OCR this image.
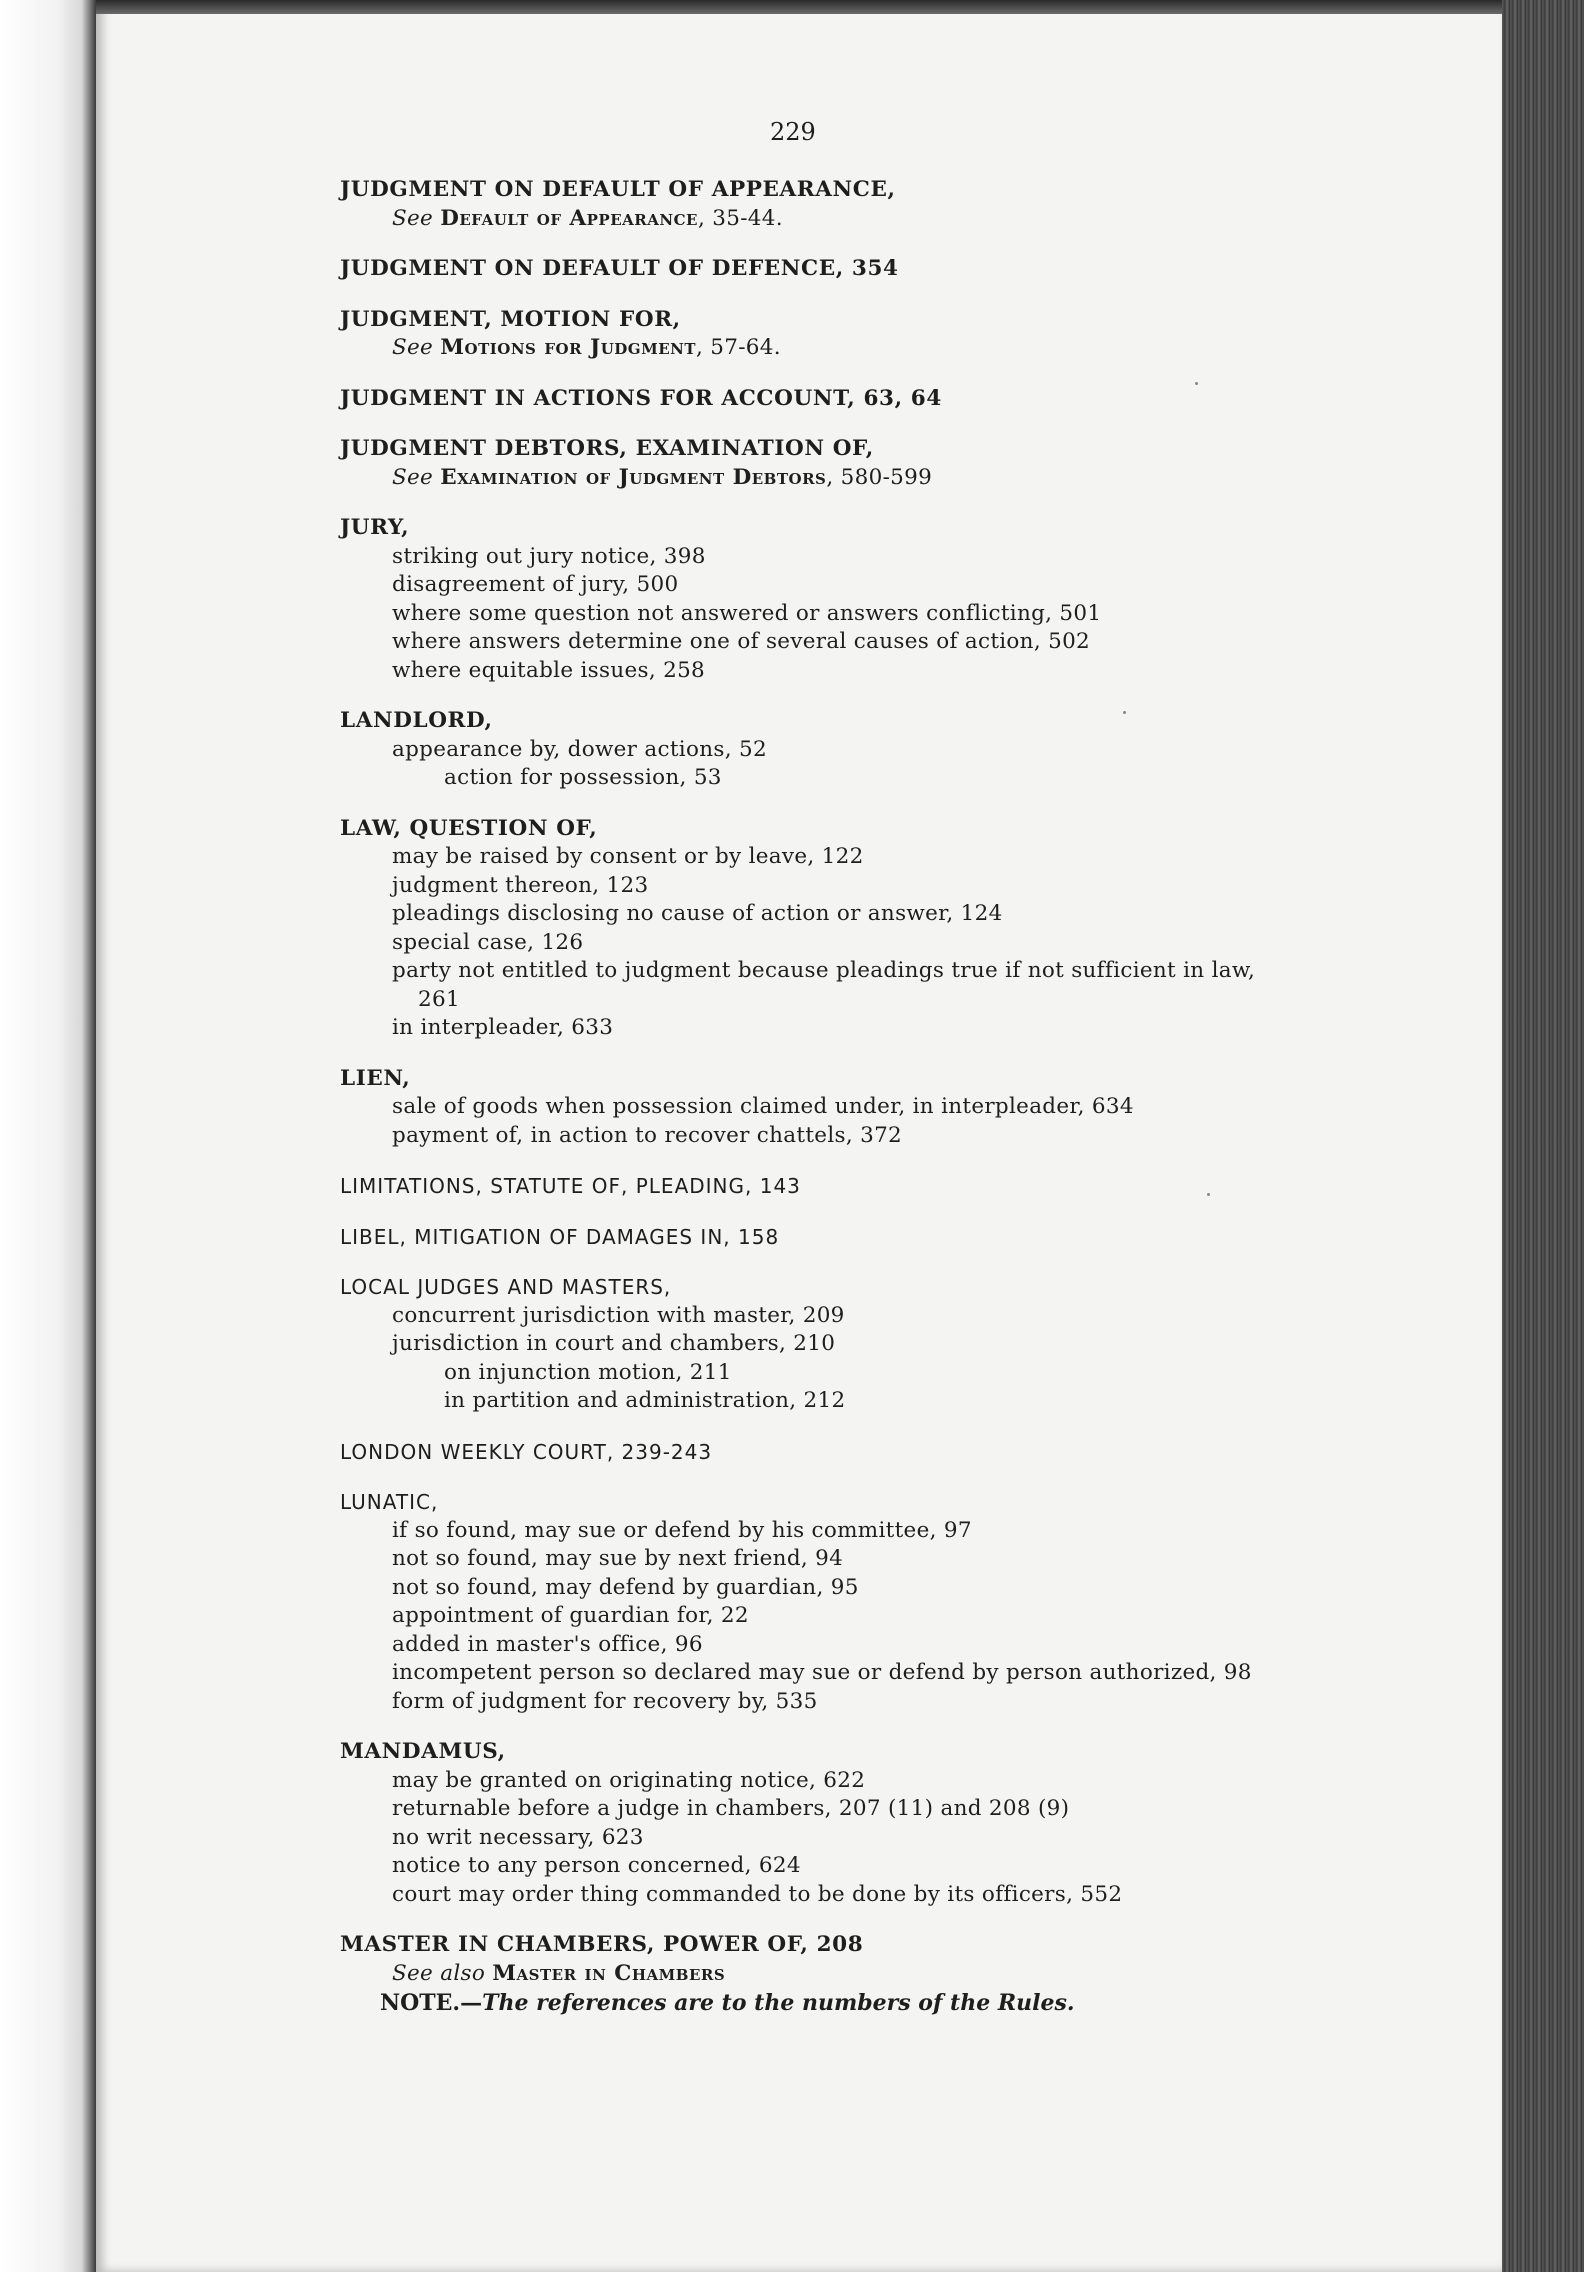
229
JUDGMENT ON DEFAULT OF APPEARANCE,
See Default of Appearance, 35-44.
JUDGMENT ON DEFAULT OF DEFENCE, 354
JUDGMENT, MOTION FOR,
See Motions for Judgment, 57-64.
JUDGMENT IN ACTIONS FOR ACCOUNT, 63, 64
JUDGMENT DEBTORS, EXAMINATION OF,
See Examination of Judgment Debtors, 580-599
JURY,
striking out jury notice, 398
disagreement of jury, 500
where some question not answered or answers conflicting, 501
where answers determine one of several causes of action, 502
where equitable issues, 258
LANDLORD,
appearance by, dower actions, 52
action for possession, 53
LAW, QUESTION OF,
may be raised by consent or by leave, 122
judgment thereon, 123
pleadings disclosing no cause of action or answer, 124
special case, 126
party not entitled to judgment because pleadings true if not sufficient in law, 261
in interpleader, 633
LIEN,
sale of goods when possession claimed under, in interpleader, 634
payment of, in action to recover chattels, 372
LIMITATIONS, STATUTE OF, PLEADING, 143
LIBEL, MITIGATION OF DAMAGES IN, 158
LOCAL JUDGES AND MASTERS,
concurrent jurisdiction with master, 209
jurisdiction in court and chambers, 210
on injunction motion, 211
in partition and administration, 212
LONDON WEEKLY COURT, 239-243
LUNATIC,
if so found, may sue or defend by his committee, 97
not so found, may sue by next friend, 94
not so found, may defend by guardian, 95
appointment of guardian for, 22
added in master's office, 96
incompetent person so declared may sue or defend by person authorized, 98
form of judgment for recovery by, 535
MANDAMUS,
may be granted on originating notice, 622
returnable before a judge in chambers, 207 (11) and 208 (9)
no writ necessary, 623
notice to any person concerned, 624
court may order thing commanded to be done by its officers, 552
MASTER IN CHAMBERS, POWER OF, 208
See also Master in Chambers
NOTE.—The references are to the numbers of the Rules.
